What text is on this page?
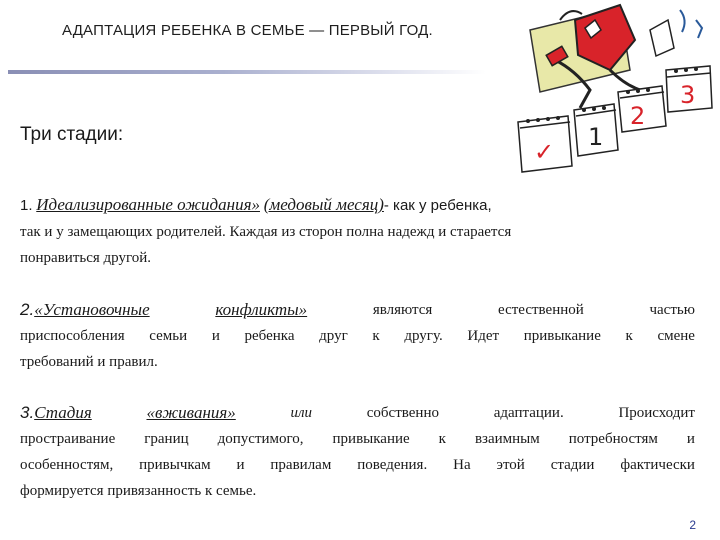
АДАПТАЦИЯ РЕБЕНКА В СЕМЬЕ — ПЕРВЫЙ ГОД.
✓
1
2
3
Три стадии:
1. Идеализированные ожидания» (медовый месяц)- как у ребенка,
так и у замещающих родителей. Каждая из сторон полна надежд и старается
понравиться другой.
2.«Установочные	конфликты»	являются	естественной	частью
приспособления семьи и ребенка друг к другу. Идет привыкание к смене
требований и правил.
3.Стадия	«вживания»	или	собственно	адаптации.	Происходит
простраивание границ допустимого, привыкание к взаимным потребностям и
особенностям, привычкам и правилам поведения. На этой стадии фактически
формируется привязанность к семье.
2
